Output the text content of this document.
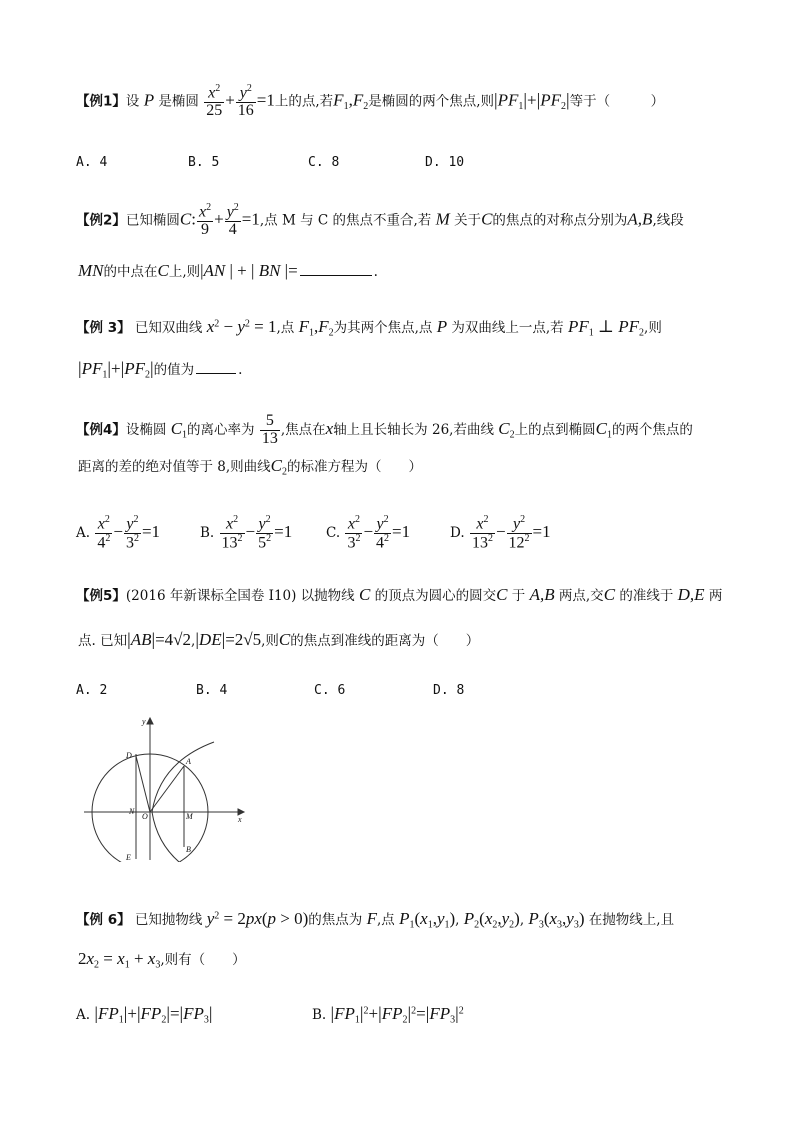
【例1】设 P 是椭圆 $\frac{x^2}{25} + \frac{y^2}{16} =1$上的点,若$F_1,F_2$是椭圆的两个焦点,则$|PF_1|+|PF_2|$等于（　　　）
A. 4	B. 5	C. 8	D. 10
【例2】已知椭圆C: $\frac{x^2}{9} + \frac{y^2}{4} =1$,点 M 与 C 的焦点不重合,若 M 关于C的焦点的对称点分别为A,B,线段
MN的中点在C上,则|AN | + | BN |=	.
【例 3】 已知双曲线 $x^2 - y^2 = 1$,点 $F_1,F_2$为其两个焦点,点 P 为双曲线上一点,若 $PF_1$ ⊥ $PF_2$,则
$|PF_1|+|PF_2|$的值为	.
【例4】设椭圆 $C_1$的离心率为 $\frac{5}{13}$ ,焦点在x轴上且长轴长为 26,若曲线 $C_2$上的点到椭圆$C_1$的两个焦点的
距离的差的绝对值等于 8,则曲线$C_2$的标准方程为（　　）
A. $\frac{x^2}{4^2} - \frac{y^2}{3^2} =1$	B. $\frac{x^2}{13^2} - \frac{y^2}{5^2} =1$	C. $\frac{x^2}{3^2} - \frac{y^2}{4^2} =1$	D. $\frac{x^2}{13^2} - \frac{y^2}{12^2} =1$
【例5】(2016 年新课标全国卷 I10) 以抛物线 C 的顶点为圆心的圆交C 于 A,B 两点,交C 的准线于 D,E 两
点. 已知|AB|=4√2,|DE|=2√5,则C的焦点到准线的距离为（　　）
A. 2	B. 4	C. 6	D. 8
y
x
D
A
N
O	M
E
B
【例 6】 已知抛物线 $y^2 = 2px(p > 0)$的焦点为 F,点 $P_1(x_1,y_1)$, $P_2(x_2,y_2)$, $P_3(x_3,y_3)$ 在抛物线上,且
$2x_2 = x_1 + x_3$,则有（　　）
A. $|FP_1|+|FP_2|=|FP_3|$	B. $|FP_1|^2+|FP_2|^2=|FP_3|^2$
